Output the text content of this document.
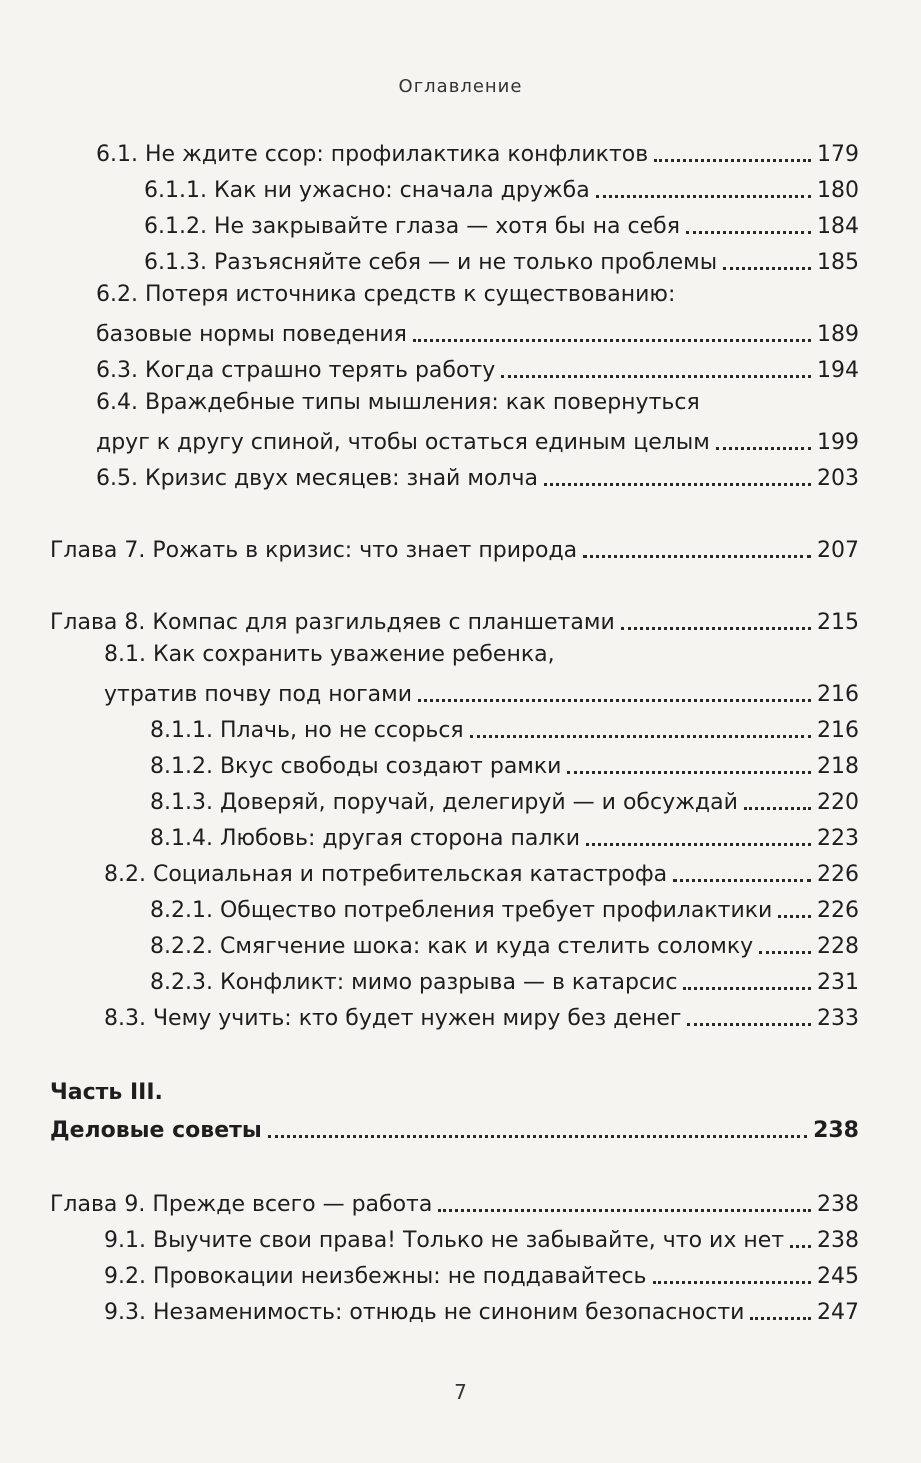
Оглавление
6.1. Не ждите ссор: профилактика конфликтов	179
6.1.1. Как ни ужасно: сначала дружба	180
6.1.2. Не закрывайте глаза — хотя бы на себя	184
6.1.3. Разъясняйте себя — и не только проблемы	185
6.2. Потеря источника средств к существованию:
базовые нормы поведения	189
6.3. Когда страшно терять работу	194
6.4. Враждебные типы мышления: как повернуться
друг к другу спиной, чтобы остаться единым целым	199
6.5. Кризис двух месяцев: знай молча	203
Глава 7. Рожать в кризис: что знает природа	207
Глава 8. Компас для разгильдяев с планшетами	215
8.1. Как сохранить уважение ребенка,
утратив почву под ногами	216
8.1.1. Плачь, но не ссорься	216
8.1.2. Вкус свободы создают рамки	218
8.1.3. Доверяй, поручай, делегируй — и обсуждай	220
8.1.4. Любовь: другая сторона палки	223
8.2. Социальная и потребительская катастрофа	226
8.2.1. Общество потребления требует профилактики 226
8.2.2. Смягчение шока: как и куда стелить соломку	228
8.2.3. Конфликт: мимо разрыва — в катарсис	231
8.3. Чему учить: кто будет нужен миру без денег	233
Часть III.
Деловые советы	238
Глава 9. Прежде всего — работа	238
9.1. Выучите свои права! Только не забывайте, что их нет 238
9.2. Провокации неизбежны: не поддавайтесь	245
9.3. Незаменимость: отнюдь не синоним безопасности	247
7
